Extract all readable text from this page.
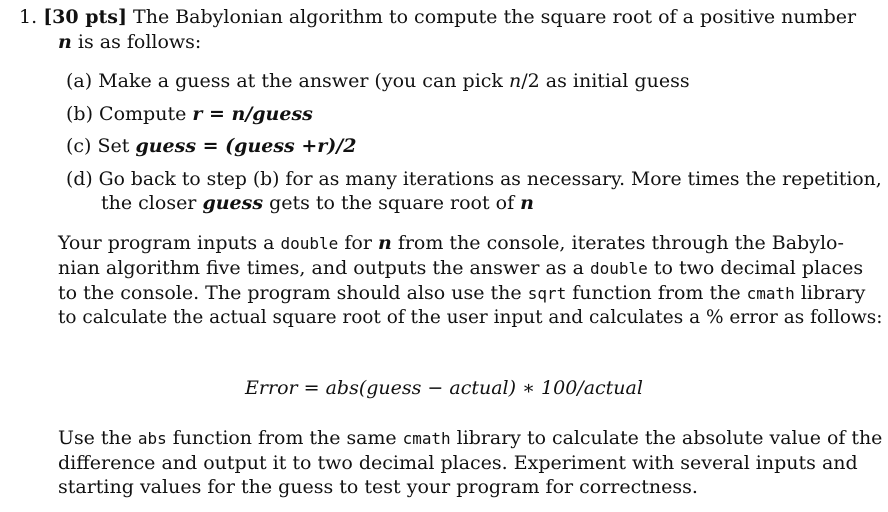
1. [30 pts] The Babylonian algorithm to compute the square root of a positive number
n is as follows:
(a) Make a guess at the answer (you can pick n/2 as initial guess
(b) Compute r = n/guess
(c) Set guess = (guess +r)/2
(d) Go back to step (b) for as many iterations as necessary. More times the repetition,
the closer guess gets to the square root of n
Your program inputs a double for n from the console, iterates through the Babylo-
nian algorithm five times, and outputs the answer as a double to two decimal places
to the console. The program should also use the sqrt function from the cmath library
to calculate the actual square root of the user input and calculates a % error as follows:
Error = abs(guess − actual) ∗ 100/actual
Use the abs function from the same cmath library to calculate the absolute value of the
difference and output it to two decimal places. Experiment with several inputs and
starting values for the guess to test your program for correctness.
